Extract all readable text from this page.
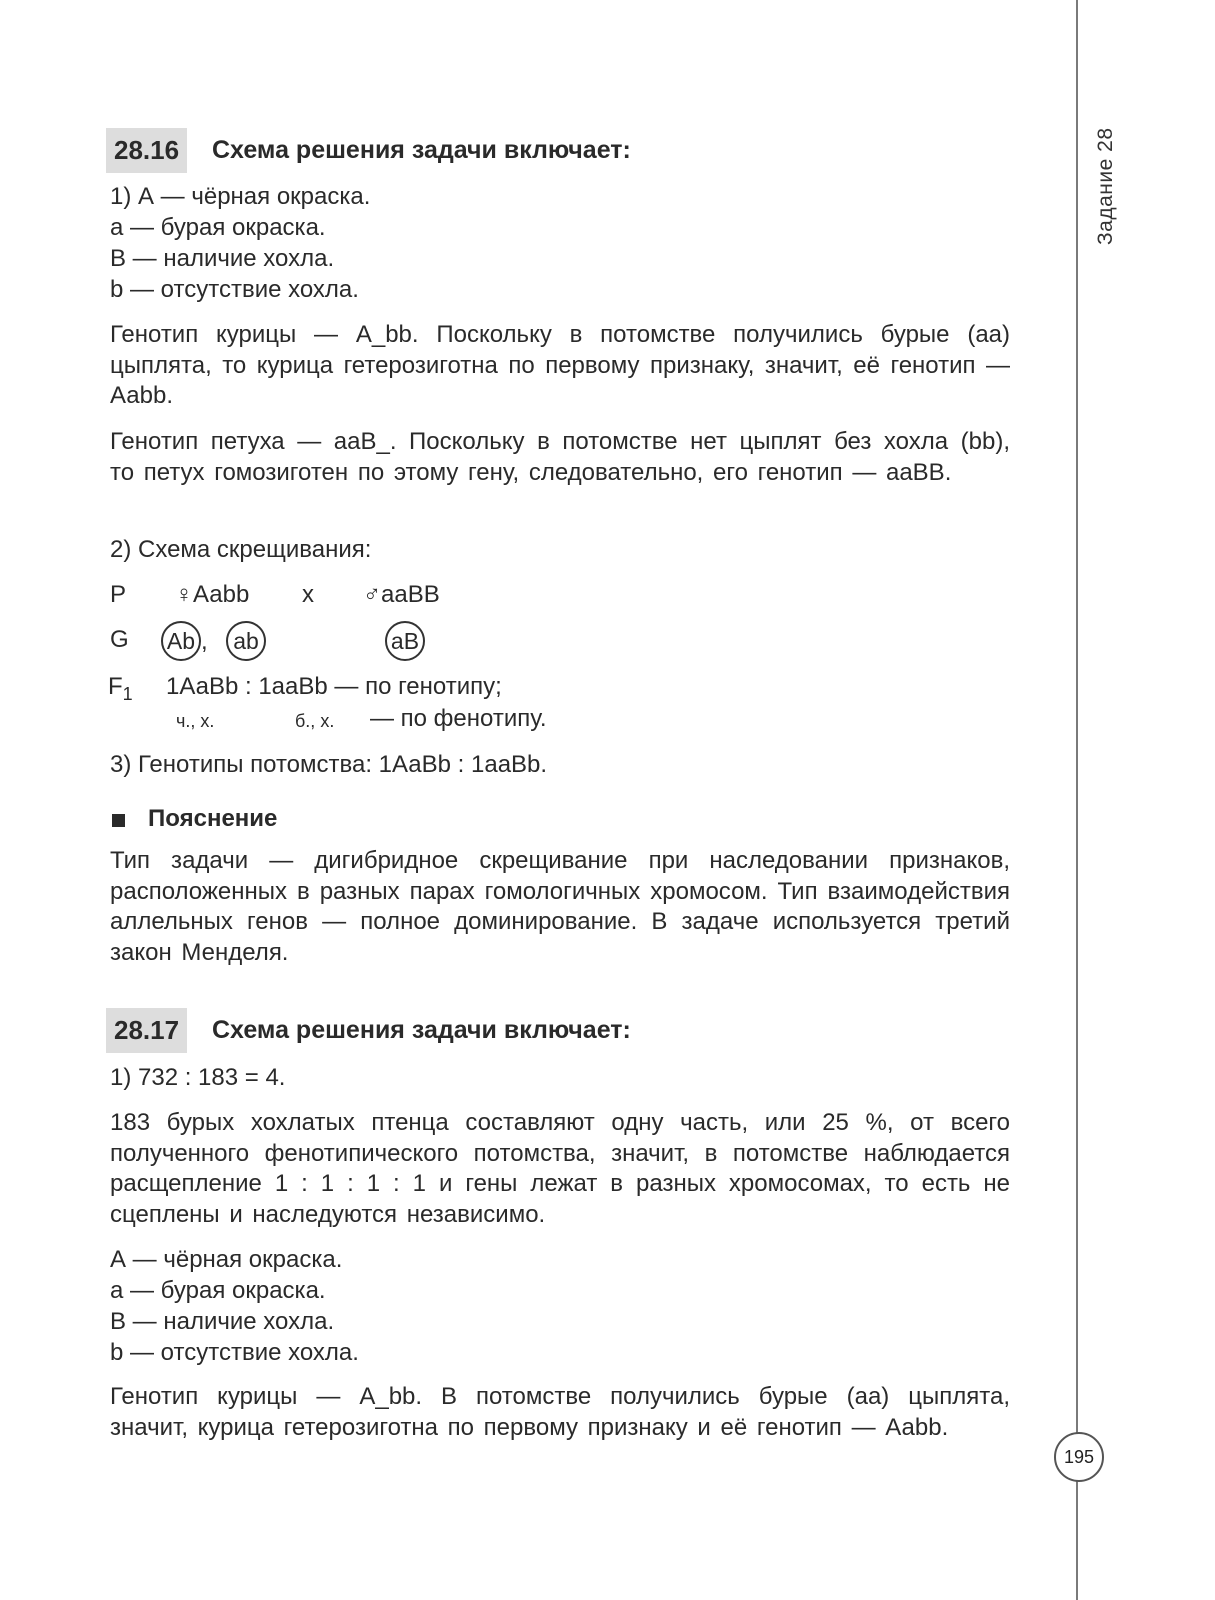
Задание 28
195
28.16	Схема решения задачи включает:
1) А — чёрная окраска.
а — бурая окраска.
В — наличие хохла.
b — отсутствие хохла.
Генотип курицы — А_bb. Поскольку в потомстве получились бурые (аа) цыплята, то курица гетерозиготна по первому признаку, значит, её генотип — Ааbb.
Генотип петуха — ааВ_. Поскольку в потомстве нет цыплят без хохла (bb), то петух гомозиготен по этому гену, следовательно, его генотип — ааВВ.
2) Схема скрещивания:
Р ♀Ааbb х ♂ааВВ
G Аb ,	аb	аВ
$F_1$ 1АаВb : 1ааВb — по генотипу;
ч., х.	б., х. — по фенотипу.
3) Генотипы потомства: 1АаВb : 1ааВb.
Пояснение
Тип задачи — дигибридное скрещивание при наследовании признаков, расположенных в разных парах гомологичных хромосом. Тип взаимодействия аллельных генов — полное доминирование. В задаче используется третий закон Менделя.
28.17	Схема решения задачи включает:
1) 732 : 183 = 4.
183 бурых хохлатых птенца составляют одну часть, или 25 %, от всего полученного фенотипического потомства, значит, в потомстве наблюдается расщепление 1 : 1 : 1 : 1 и гены лежат в разных хромосомах, то есть не сцеплены и наследуются независимо.
А — чёрная окраска.
а — бурая окраска.
В — наличие хохла.
b — отсутствие хохла.
Генотип курицы — А_bb. В потомстве получились бурые (аа) цыплята, значит, курица гетерозиготна по первому признаку и её генотип — Ааbb.
